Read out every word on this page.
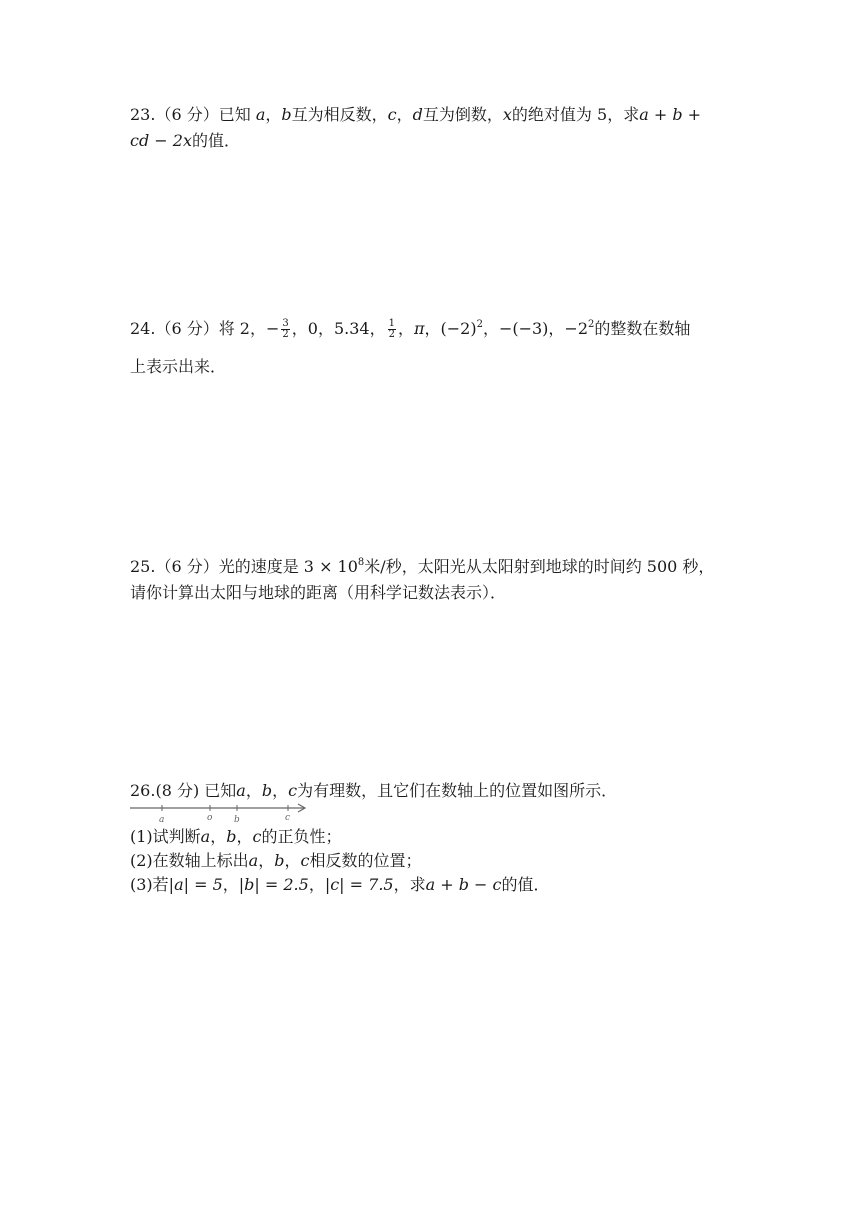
23.（6 分）已知 a，b互为相反数，c，d互为倒数，x的绝对值为 5，求a + b +
cd − 2x的值．
24.（6 分）将 2，− $\frac{3}{2}$ ，0，5.34， $\frac{1}{2}$ ，π，$(-2)^2$，−(−3)，$-2^2$的整数在数轴
上表示出来．
25.（6 分）光的速度是 $3 \times 10^8$米/秒，太阳光从太阳射到地球的时间约 500 秒，
请你计算出太阳与地球的距离（用科学记数法表示）．
26.(8 分) 已知a，b，c为有理数，且它们在数轴上的位置如图所示．
a	o b	c
(1)试判断a，b，c的正负性；
(2)在数轴上标出a，b，c相反数的位置；
(3)若|a| = 5，|b| = 2.5，|c| = 7.5，求a + b − c的值．
